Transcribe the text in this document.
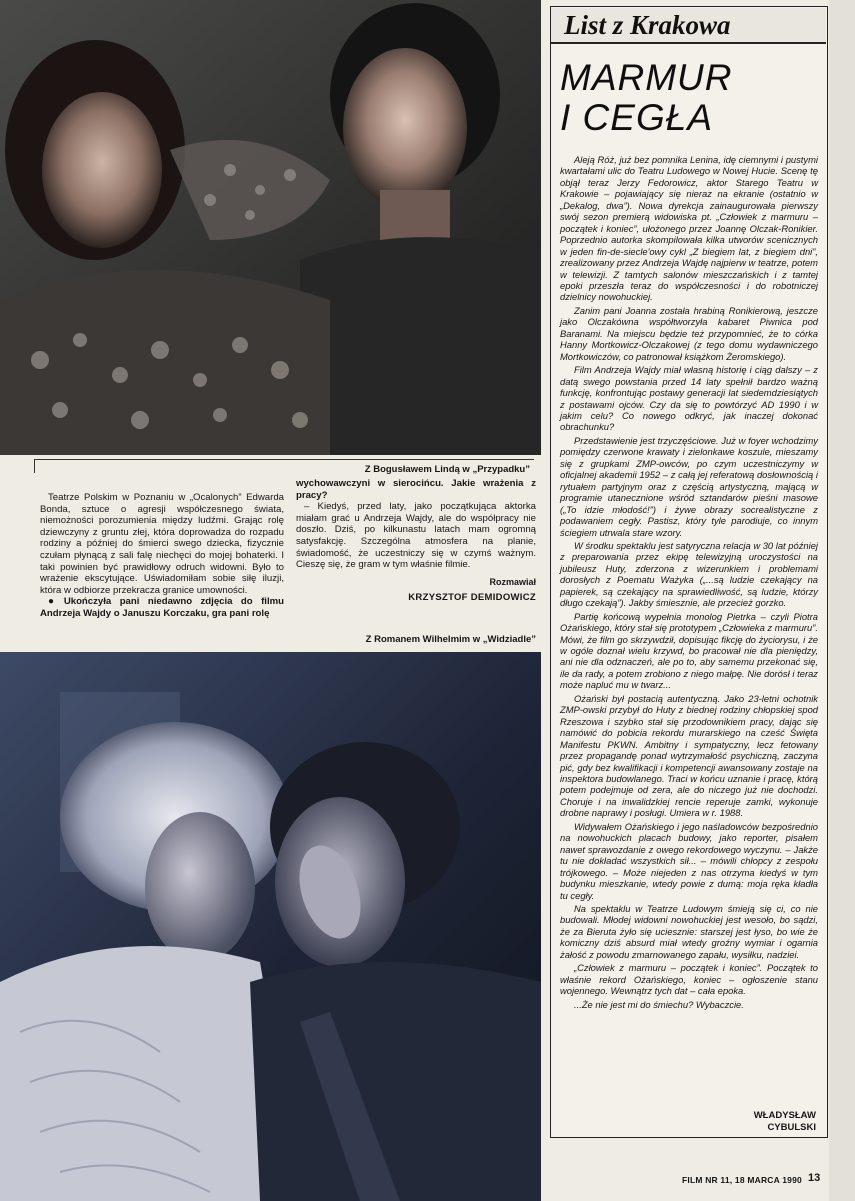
Z Bogusławem Lindą w „Przypadku”

Teatrze Polskim w Poznaniu w „Ocalonych” Edwarda Bonda, sztuce o agresji współczesnego świata, niemożności porozumienia między ludźmi. Grając rolę dziewczyny z gruntu złej, która doprowadza do rozpadu rodziny a później do śmierci swego dziecka, fizycznie czułam płynącą z sali falę niechęci do mojej bohaterki. I taki powinien być prawidłowy odruch widowni. Było to wrażenie ekscytujące. Uświadomiłam sobie siłę iluzji, która w odbiorze przekracza granice umowności.

● Ukończyła pani niedawno zdjęcia do filmu Andrzeja Wajdy o Januszu Korczaku, gra pani rolę

wychowawczyni w sierocińcu. Jakie wrażenia z pracy?

– Kiedyś, przed laty, jako początkująca aktorka miałam grać u Andrzeja Wajdy, ale do współpracy nie doszło. Dziś, po kilkunastu latach mam ogromną satysfakcję. Szczególna atmosfera na planie, świadomość, że uczestniczy się w czymś ważnym. Cieszę się, że gram w tym właśnie filmie.

Rozmawiał
KRZYSZTOF DEMIDOWICZ
Z Romanem Wilhelmim w „Widziadle”
List z Krakowa
MARMUR
I CEGŁA

Aleją Róż, już bez pomnika Lenina, idę ciemnymi i pustymi kwartałami ulic do Teatru Ludowego w Nowej Hucie. Scenę tę objął teraz Jerzy Fedorowicz, aktor Starego Teatru w Krakowie – pojawiający się nieraz na ekranie (ostatnio w „Dekalog, dwa”). Nowa dyrekcja zainaugurowała pierwszy swój sezon premierą widowiska pt. „Człowiek z marmuru – początek i koniec”, ułożonego przez Joannę Olczak-Ronikier. Poprzednio autorka skompilowała kilka utworów scenicznych w jeden fin-de-siecle'owy cykl „Z biegiem lat, z biegiem dni”, zrealizowany przez Andrzeja Wajdę najpierw w teatrze, potem w telewizji. Z tamtych salonów mieszczańskich i z tamtej epoki przeszła teraz do współczesności i do robotniczej dzielnicy nowohuckiej.

Zanim pani Joanna została hrabiną Ronikierową, jeszcze jako Olczakówna współtworzyła kabaret Piwnica pod Baranami. Na miejscu będzie też przypomnieć, że to córka Hanny Mortkowicz-Olczakowej (z tego domu wydawniczego Mortkowiczów, co patronował książkom Żeromskiego).

Film Andrzeja Wajdy miał własną historię i ciąg dalszy – z datą swego powstania przed 14 laty spełnił bardzo ważną funkcję, konfrontując postawy generacji lat siedemdziesiątych z postawami ojców. Czy da się to powtórzyć AD 1990 i w jakim celu? Co nowego odkryć, jak inaczej dokonać obrachunku?

Przedstawienie jest trzyczęściowe. Już w foyer wchodzimy pomiędzy czerwone krawaty i zielonkawe koszule, mieszamy się z grupkami ZMP-owców, po czym uczestniczymy w oficjalnej akademii 1952 – z całą jej referatową dosłownością i rytuałem partyjnym oraz z częścią artystyczną, mającą w programie utanecznione wśród sztandarów pieśni masowe („To idzie młodość!”) i żywe obrazy socrealistyczne z podawaniem cegły. Pastisz, który tyle parodiuje, co innym ściegiem utrwala stare wzory.

W środku spektaklu jest satyryczna relacja w 30 lat później z preparowania przez ekipę telewizyjną uroczystości na jubileusz Huty, zderzona z wizerunkiem i problemami dorosłych z Poematu Ważyka („...są ludzie czekający na papierek, są czekający na sprawiedliwość, są ludzie, którzy długo czekają”). Jakby śmiesznie, ale przecież gorzko.

Partię końcową wypełnia monolog Pietrka – czyli Piotra Ożańskiego, który stał się prototypem „Człowieka z marmuru”. Mówi, że film go skrzywdził, dopisując fikcję do życiorysu, i że w ogóle doznał wielu krzywd, bo pracował nie dla pieniędzy, ani nie dla odznaczeń, ale po to, aby samemu przekonać się, ile da rady, a potem zrobiono z niego małpę. Nie dorósł i teraz może napluć mu w twarz...

Ożański był postacią autentyczną. Jako 23-letni ochotnik ZMP-owski przybył do Huty z biednej rodziny chłopskiej spod Rzeszowa i szybko stał się przodownikiem pracy, dając się namówić do pobicia rekordu murarskiego na cześć Święta Manifestu PKWN. Ambitny i sympatyczny, lecz fetowany przez propagandę ponad wytrzymałość psychiczną, zaczyna pić, gdy bez kwalifikacji i kompetencji awansowany zostaje na inspektora budowlanego. Traci w końcu uznanie i pracę, którą potem podejmuje od zera, ale do niczego już nie dochodzi. Choruje i na inwalidzkiej rencie reperuje zamki, wykonuje drobne naprawy i posługi. Umiera w r. 1988.

Widywałem Ożańskiego i jego naśladowców bezpośrednio na nowohuckich placach budowy, jako reporter, pisałem nawet sprawozdanie z owego rekordowego wyczynu. – Jakże tu nie dokładać wszystkich sił... – mówili chłopcy z zespołu trójkowego. – Może niejeden z nas otrzyma kiedyś w tym budynku mieszkanie, wtedy powie z dumą: moja ręka kładła tu cegły.

Na spektaklu w Teatrze Ludowym śmieją się ci, co nie budowali. Młodej widowni nowohuckiej jest wesoło, bo sądzi, że za Bieruta żyło się uciesznie: starszej jest łyso, bo wie że komiczny dziś absurd miał wtedy groźny wymiar i ogarnia żałość z powodu zmarnowanego zapału, wysiłku, nadziei.

„Człowiek z marmuru – początek i koniec”. Początek to właśnie rekord Ożańskiego, koniec – ogłoszenie stanu wojennego. Wewnątrz tych dat – cała epoka.

...Że nie jest mi do śmiechu? Wybaczcie.

WŁADYSŁAW
CYBULSKI
FILM NR 11, 18 MARCA 1990 13
